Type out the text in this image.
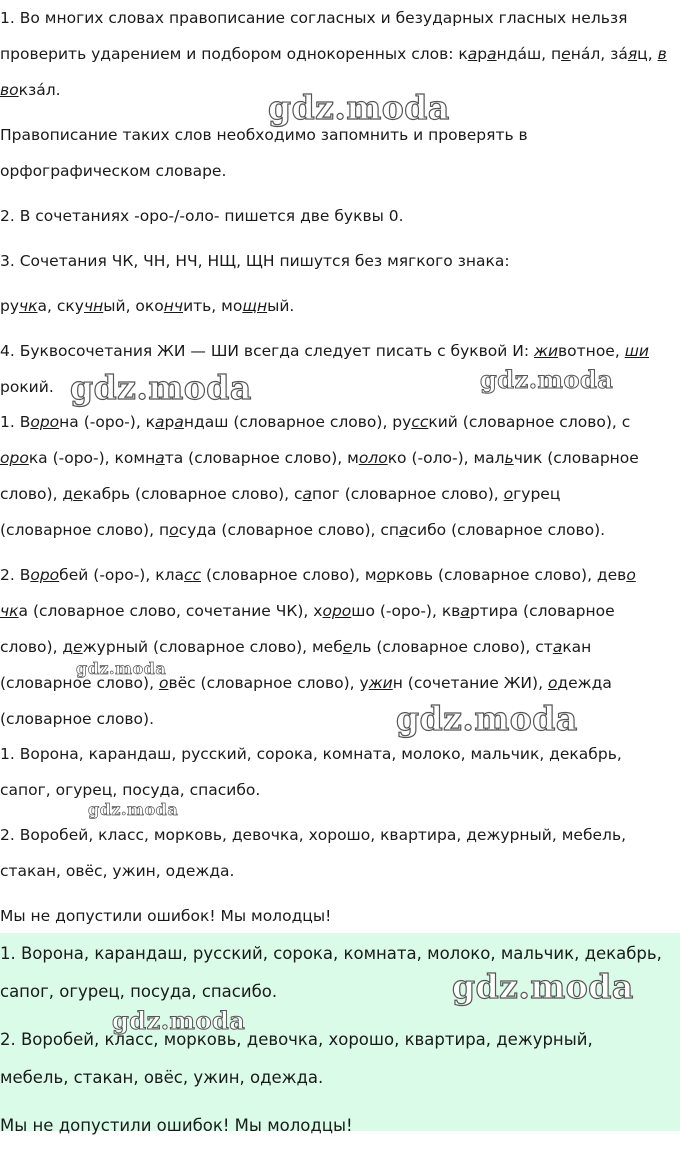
1. Во многих словах правописание согласных и безударных гласных нельзя
проверить ударением и подбором однокоренных слов: каранда́ш, пена́л, за́яц, в
вокза́л.
Правописание таких слов необходимо запомнить и проверять в
орфографическом словаре.
2. В сочетаниях -оро-/-оло- пишется две буквы 0.
3. Сочетания ЧК, ЧН, НЧ, НЩ, ЩН пишутся без мягкого знака:
ручка, скучный, окончить, мощный.
4. Буквосочетания ЖИ — ШИ всегда следует писать с буквой И: животное, ши
рокий.
1. Ворона (-оро-), карандаш (словарное слово), русский (словарное слово), с
орока (-оро-), комната (словарное слово), молоко (-оло-), мальчик (словарное
слово), декабрь (словарное слово), сапог (словарное слово), огурец
(словарное слово), посуда (словарное слово), спасибо (словарное слово).
2. Воробей (-оро-), класс (словарное слово), морковь (словарное слово), дево
чка (словарное слово, сочетание ЧК), хорошо (-оро-), квартира (словарное
слово), дежурный (словарное слово), мебель (словарное слово), стакан
(словарное слово), овёс (словарное слово), ужин (сочетание ЖИ), одежда
(словарное слово).
1. Ворона, карандаш, русский, сорока, комната, молоко, мальчик, декабрь,
сапог, огурец, посуда, спасибо.
2. Воробей, класс, морковь, девочка, хорошо, квартира, дежурный, мебель,
стакан, овёс, ужин, одежда.
Мы не допустили ошибок! Мы молодцы!
1. Ворона, карандаш, русский, сорока, комната, молоко, мальчик, декабрь,
сапог, огурец, посуда, спасибо.
2. Воробей, класс, морковь, девочка, хорошо, квартира, дежурный,
мебель, стакан, овёс, ужин, одежда.
Мы не допустили ошибок! Мы молодцы!
gdz.moda
gdz.moda	gdz.moda
gdz.moda
gdz.moda
gdz.moda
gdz.moda
gdz.moda
